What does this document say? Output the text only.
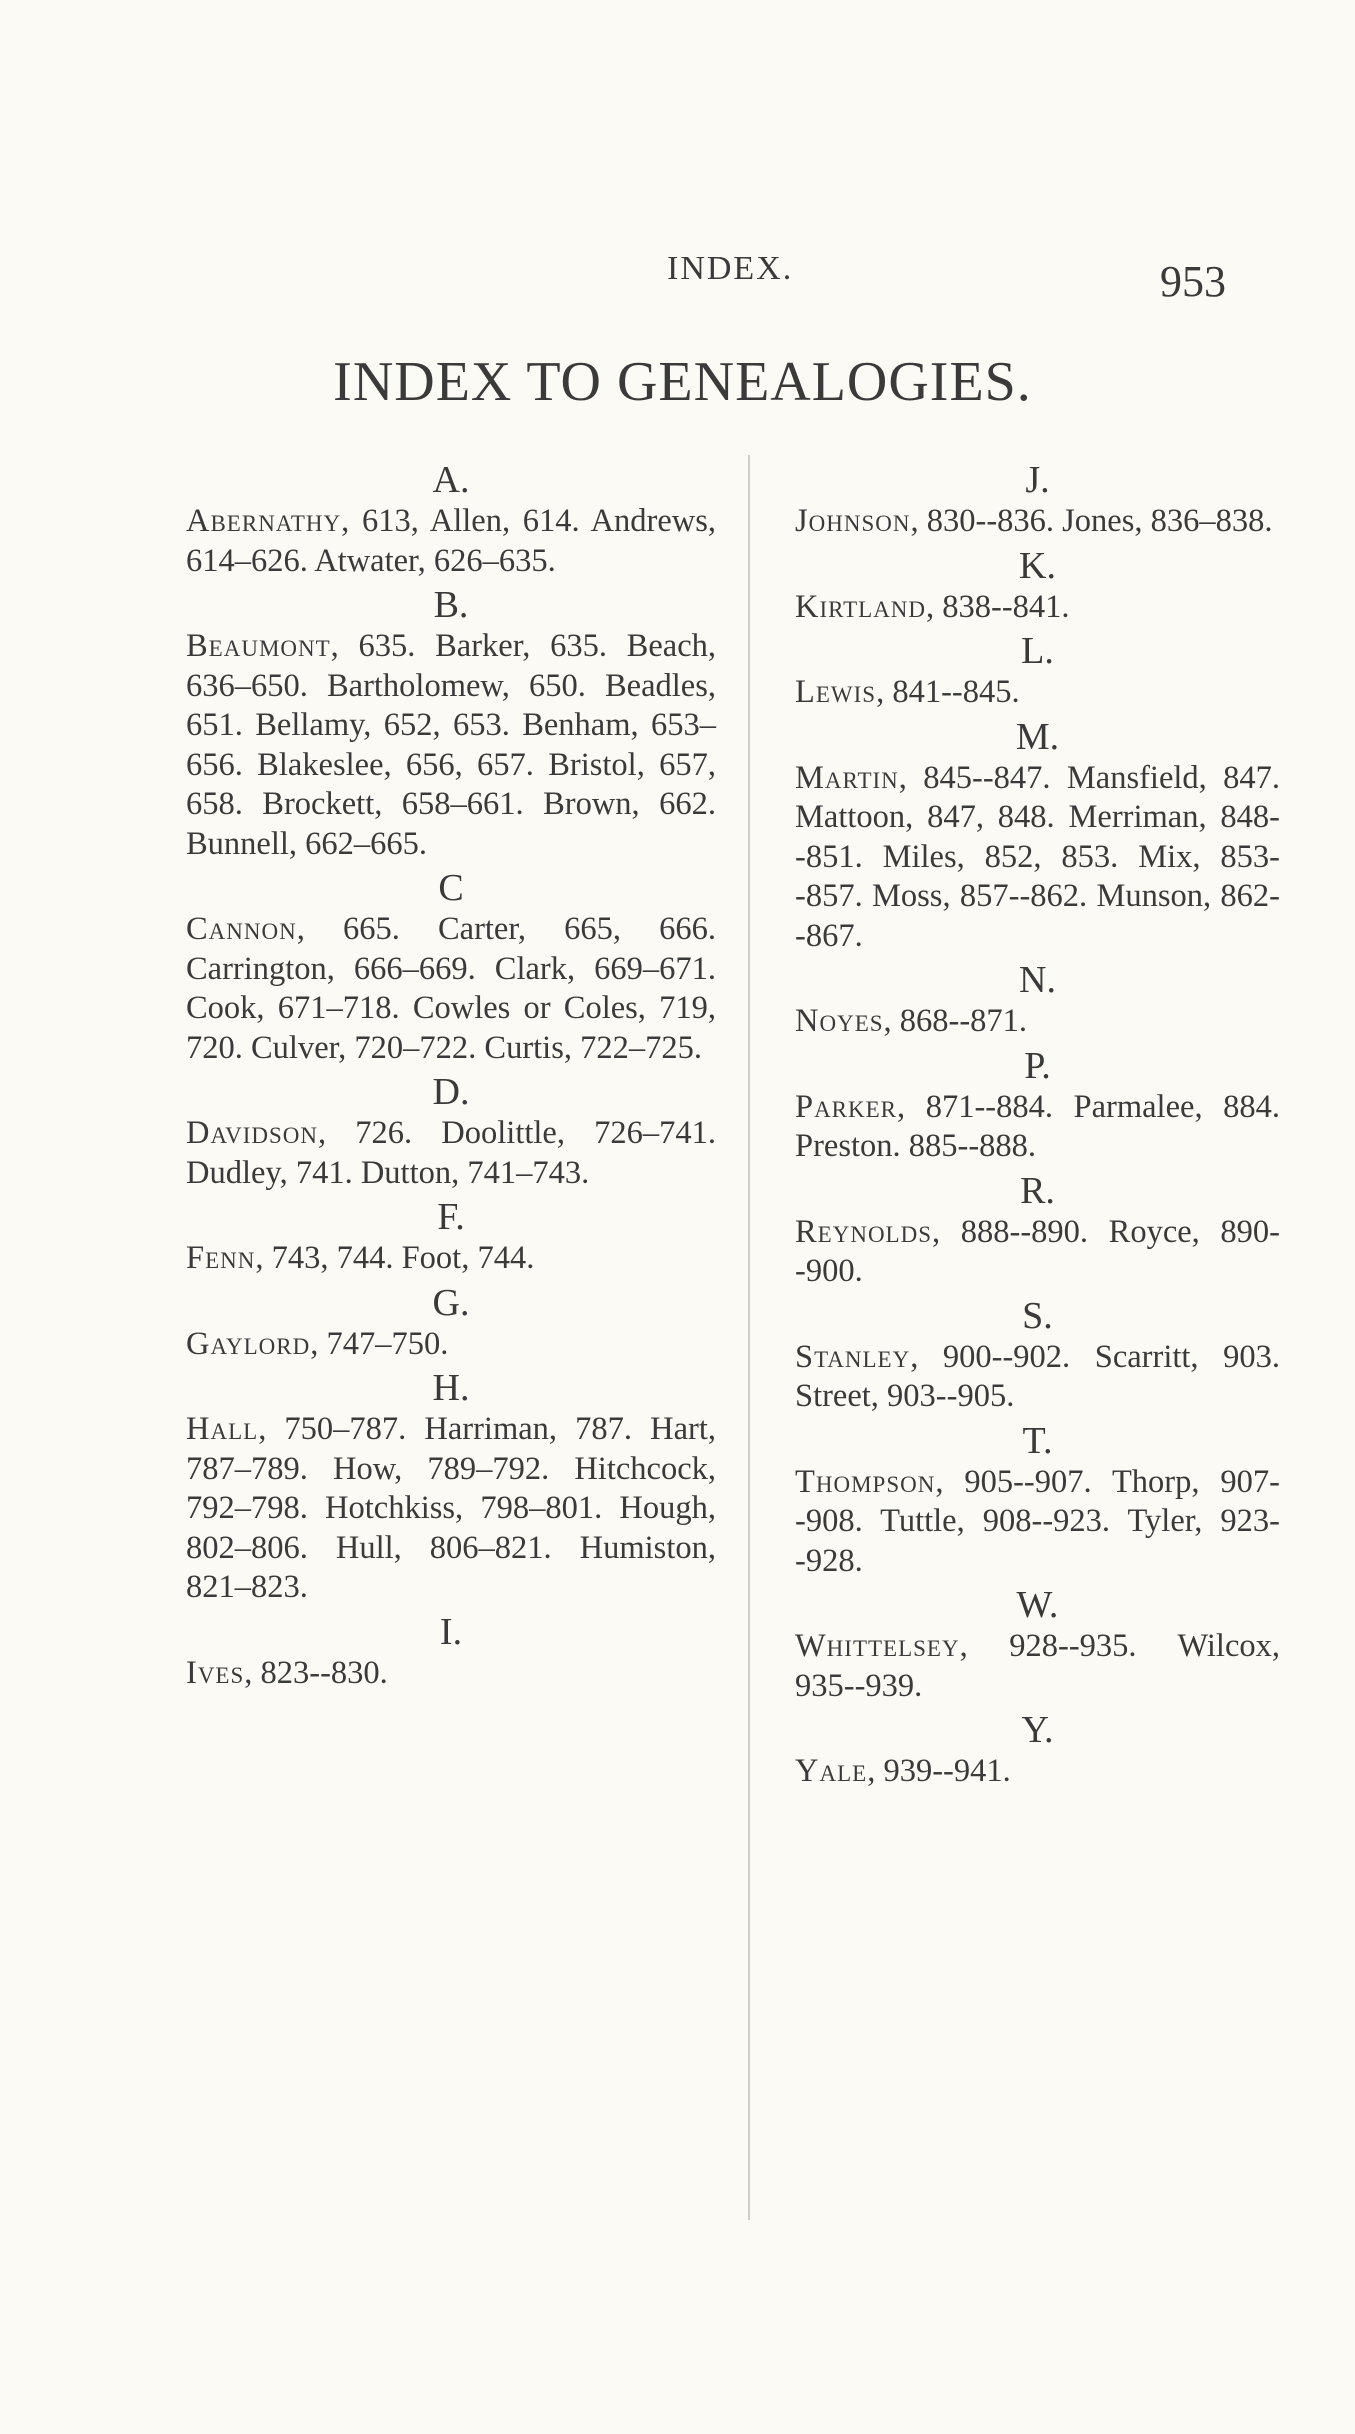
INDEX.	953
INDEX TO GENEALOGIES.

A.

Abernathy, 613, Allen, 614. Andrews, 614–626. Atwater, 626–635.

B.

Beaumont, 635. Barker, 635. Beach, 636–650. Bartholomew, 650. Beadles, 651. Bellamy, 652, 653. Benham, 653–656. Blakeslee, 656, 657. Bristol, 657, 658. Brockett, 658–661. Brown, 662. Bunnell, 662–665.

C

Cannon, 665. Carter, 665, 666. Carrington, 666–669. Clark, 669–671. Cook, 671–718. Cowles or Coles, 719, 720. Culver, 720–722. Curtis, 722–725.

D.

Davidson, 726. Doolittle, 726–741. Dudley, 741. Dutton, 741–743.

F.

Fenn, 743, 744. Foot, 744.

G.

Gaylord, 747–750.

H.

Hall, 750–787. Harriman, 787. Hart, 787–789. How, 789–792. Hitchcock, 792–798. Hotchkiss, 798–801. Hough, 802–806. Hull, 806–821. Humiston, 821–823.

I.

Ives, 823--830.

J.

Johnson, 830--836. Jones, 836–838.

K.

Kirtland, 838--841.

L.

Lewis, 841--845.

M.

Martin, 845--847. Mansfield, 847. Mattoon, 847, 848. Merriman, 848--851. Miles, 852, 853. Mix, 853--857. Moss, 857--862. Munson, 862--867.

N.

Noyes, 868--871.

P.

Parker, 871--884. Parmalee, 884. Preston. 885--888.

R.

Reynolds, 888--890. Royce, 890--900.

S.

Stanley, 900--902. Scarritt, 903. Street, 903--905.

T.

Thompson, 905--907. Thorp, 907--908. Tuttle, 908--923. Tyler, 923--928.

W.

Whittelsey, 928--935. Wilcox, 935--939.

Y.

Yale, 939--941.
